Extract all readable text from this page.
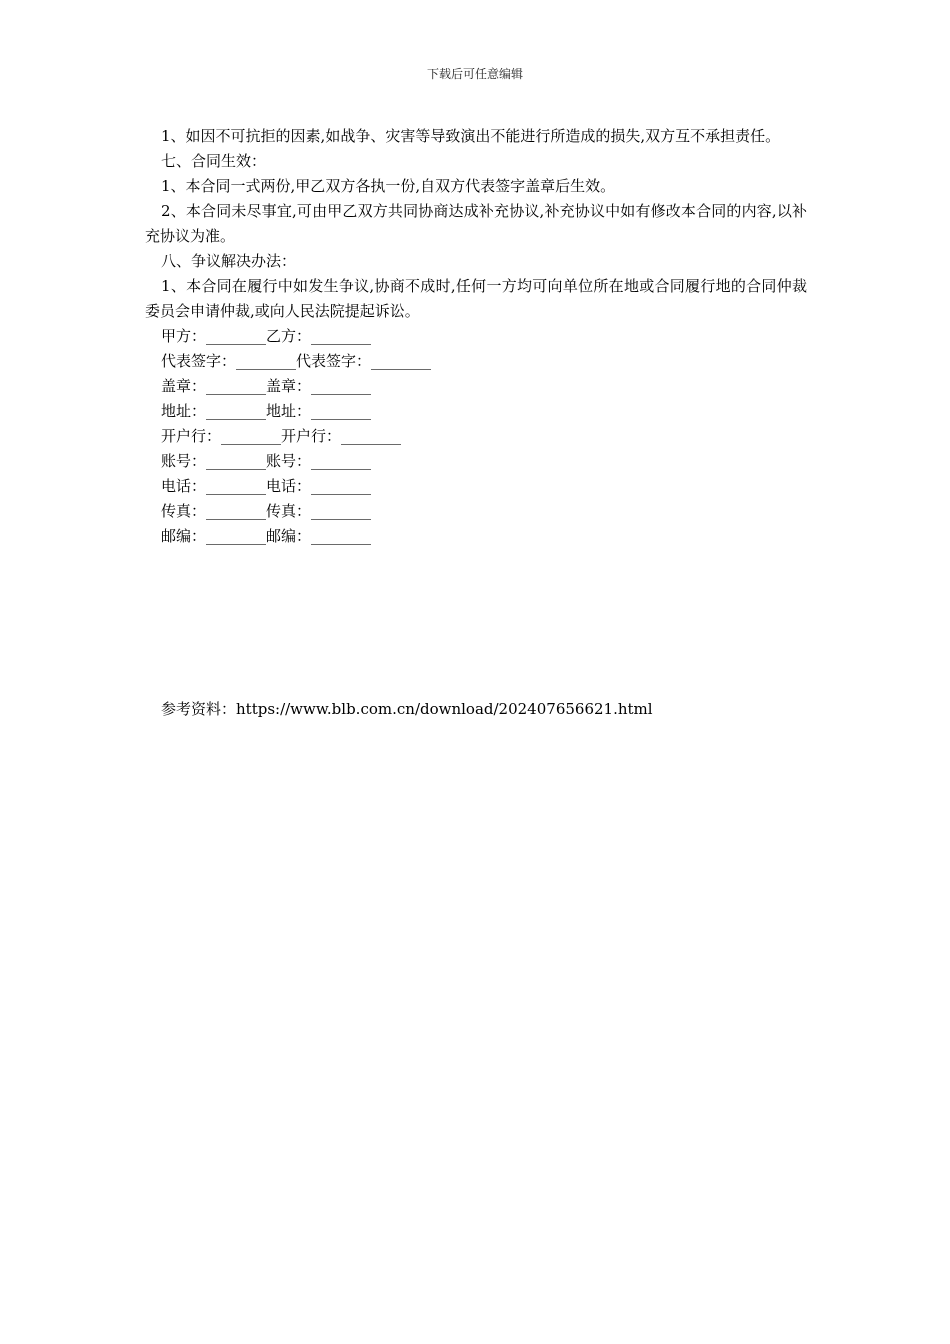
下载后可任意编辑

1、如因不可抗拒的因素,如战争、灾害等导致演出不能进行所造成的损失,双方互不承担责任。

七、合同生效：

1、本合同一式两份,甲乙双方各执一份,自双方代表签字盖章后生效。

2、本合同未尽事宜,可由甲乙双方共同协商达成补充协议,补充协议中如有修改本合同的内容,以补充协议为准。

八、争议解决办法：

1、本合同在履行中如发生争议,协商不成时,任何一方均可向单位所在地或合同履行地的合同仲裁委员会申请仲裁,或向人民法院提起诉讼。

甲方：________乙方：________

代表签字：________代表签字：________

盖章：________盖章：________

地址：________地址：________

开户行：________开户行：________

账号：________账号：________

电话：________电话：________

传真：________传真：________

邮编：________邮编：________

参考资料：https://www.blb.com.cn/download/202407656621.html
